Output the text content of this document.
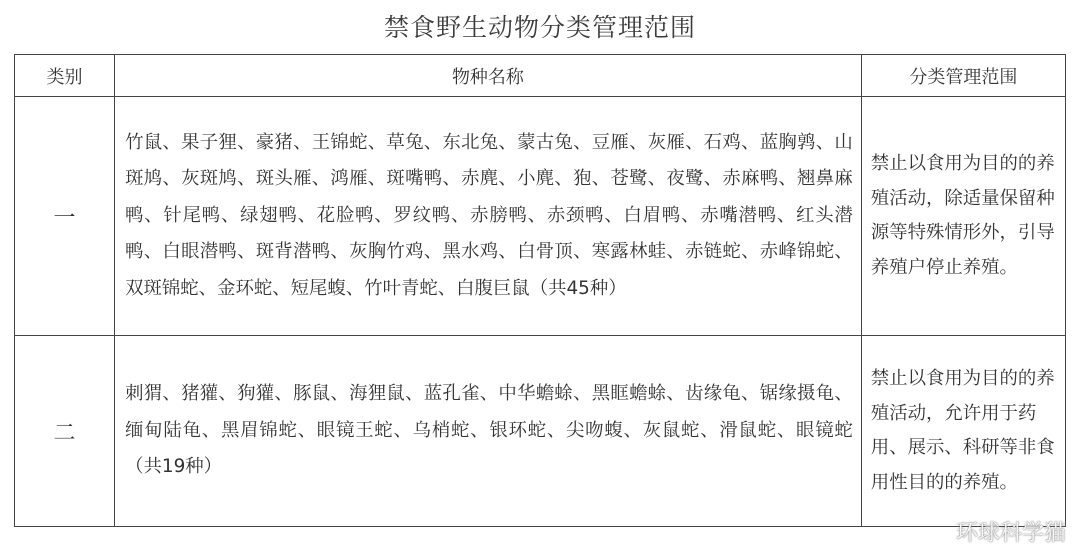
禁食野生动物分类管理范围
类别	物种名称	分类管理范围
一	竹鼠、果子狸、豪猪、王锦蛇、草兔、东北兔、蒙古兔、豆雁、灰雁、石鸡、蓝胸鹑、山斑鸠、灰斑鸠、斑头雁、鸿雁、斑嘴鸭、赤麂、小麂、狍、苍鹭、夜鹭、赤麻鸭、翘鼻麻鸭、针尾鸭、绿翅鸭、花脸鸭、罗纹鸭、赤膀鸭、赤颈鸭、白眉鸭、赤嘴潜鸭、红头潜鸭、白眼潜鸭、斑背潜鸭、灰胸竹鸡、黑水鸡、白骨顶、寒露林蛙、赤链蛇、赤峰锦蛇、双斑锦蛇、金环蛇、短尾蝮、竹叶青蛇、白腹巨鼠（共45种）	禁止以食用为目的的养殖活动，除适量保留种源等特殊情形外，引导养殖户停止养殖。
二	刺猬、猪獾、狗獾、豚鼠、海狸鼠、蓝孔雀、中华蟾蜍、黑眶蟾蜍、齿缘龟、锯缘摄龟、缅甸陆龟、黑眉锦蛇、眼镜王蛇、乌梢蛇、银环蛇、尖吻蝮、灰鼠蛇、滑鼠蛇、眼镜蛇（共19种）	禁止以食用为目的的养殖活动，允许用于药用、展示、科研等非食用性目的的养殖。
环球科学猫
